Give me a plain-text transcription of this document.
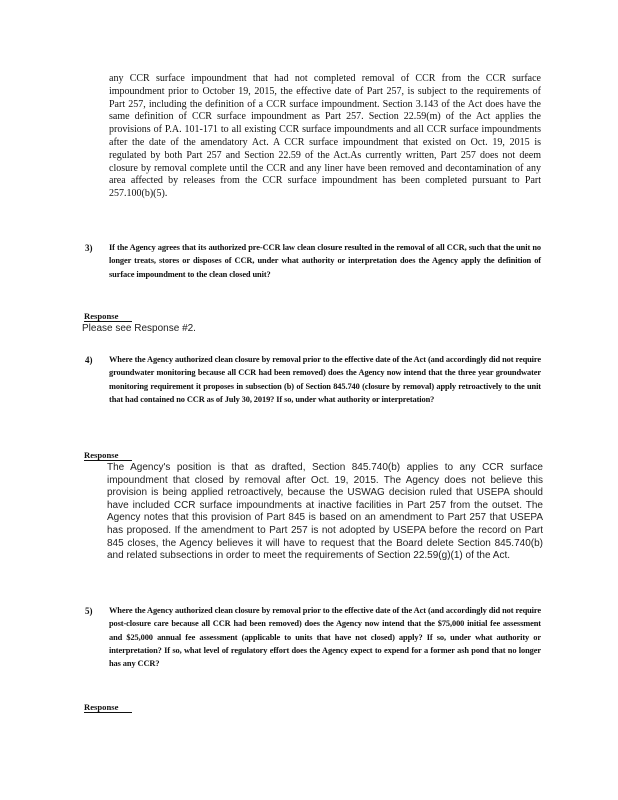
any CCR surface impoundment that had not completed removal of CCR from the CCR surface impoundment prior to October 19, 2015, the effective date of Part 257, is subject to the requirements of Part 257, including the definition of a CCR surface impoundment. Section 3.143 of the Act does have the same definition of CCR surface impoundment as Part 257. Section 22.59(m) of the Act applies the provisions of P.A. 101-171 to all existing CCR surface impoundments and all CCR surface impoundments after the date of the amendatory Act. A CCR surface impoundment that existed on Oct. 19, 2015 is regulated by both Part 257 and Section 22.59 of the Act.As currently written, Part 257 does not deem closure by removal complete until the CCR and any liner have been removed and decontamination of any area affected by releases from the CCR surface impoundment has been completed pursuant to Part 257.100(b)(5).
3) If the Agency agrees that its authorized pre-CCR law clean closure resulted in the removal of all CCR, such that the unit no longer treats, stores or disposes of CCR, under what authority or interpretation does the Agency apply the definition of surface impoundment to the clean closed unit?
Response
Please see Response #2.
4) Where the Agency authorized clean closure by removal prior to the effective date of the Act (and accordingly did not require groundwater monitoring because all CCR had been removed) does the Agency now intend that the three year groundwater monitoring requirement it proposes in subsection (b) of Section 845.740 (closure by removal) apply retroactively to the unit that had contained no CCR as of July 30, 2019? If so, under what authority or interpretation?
Response
The Agency's position is that as drafted, Section 845.740(b) applies to any CCR surface impoundment that closed by removal after Oct. 19, 2015. The Agency does not believe this provision is being applied retroactively, because the USWAG decision ruled that USEPA should have included CCR surface impoundments at inactive facilities in Part 257 from the outset. The Agency notes that this provision of Part 845 is based on an amendment to Part 257 that USEPA has proposed. If the amendment to Part 257 is not adopted by USEPA before the record on Part 845 closes, the Agency believes it will have to request that the Board delete Section 845.740(b) and related subsections in order to meet the requirements of Section 22.59(g)(1) of the Act.
5) Where the Agency authorized clean closure by removal prior to the effective date of the Act (and accordingly did not require post-closure care because all CCR had been removed) does the Agency now intend that the $75,000 initial fee assessment and $25,000 annual fee assessment (applicable to units that have not closed) apply? If so, under what authority or interpretation? If so, what level of regulatory effort does the Agency expect to expend for a former ash pond that no longer has any CCR?
Response
